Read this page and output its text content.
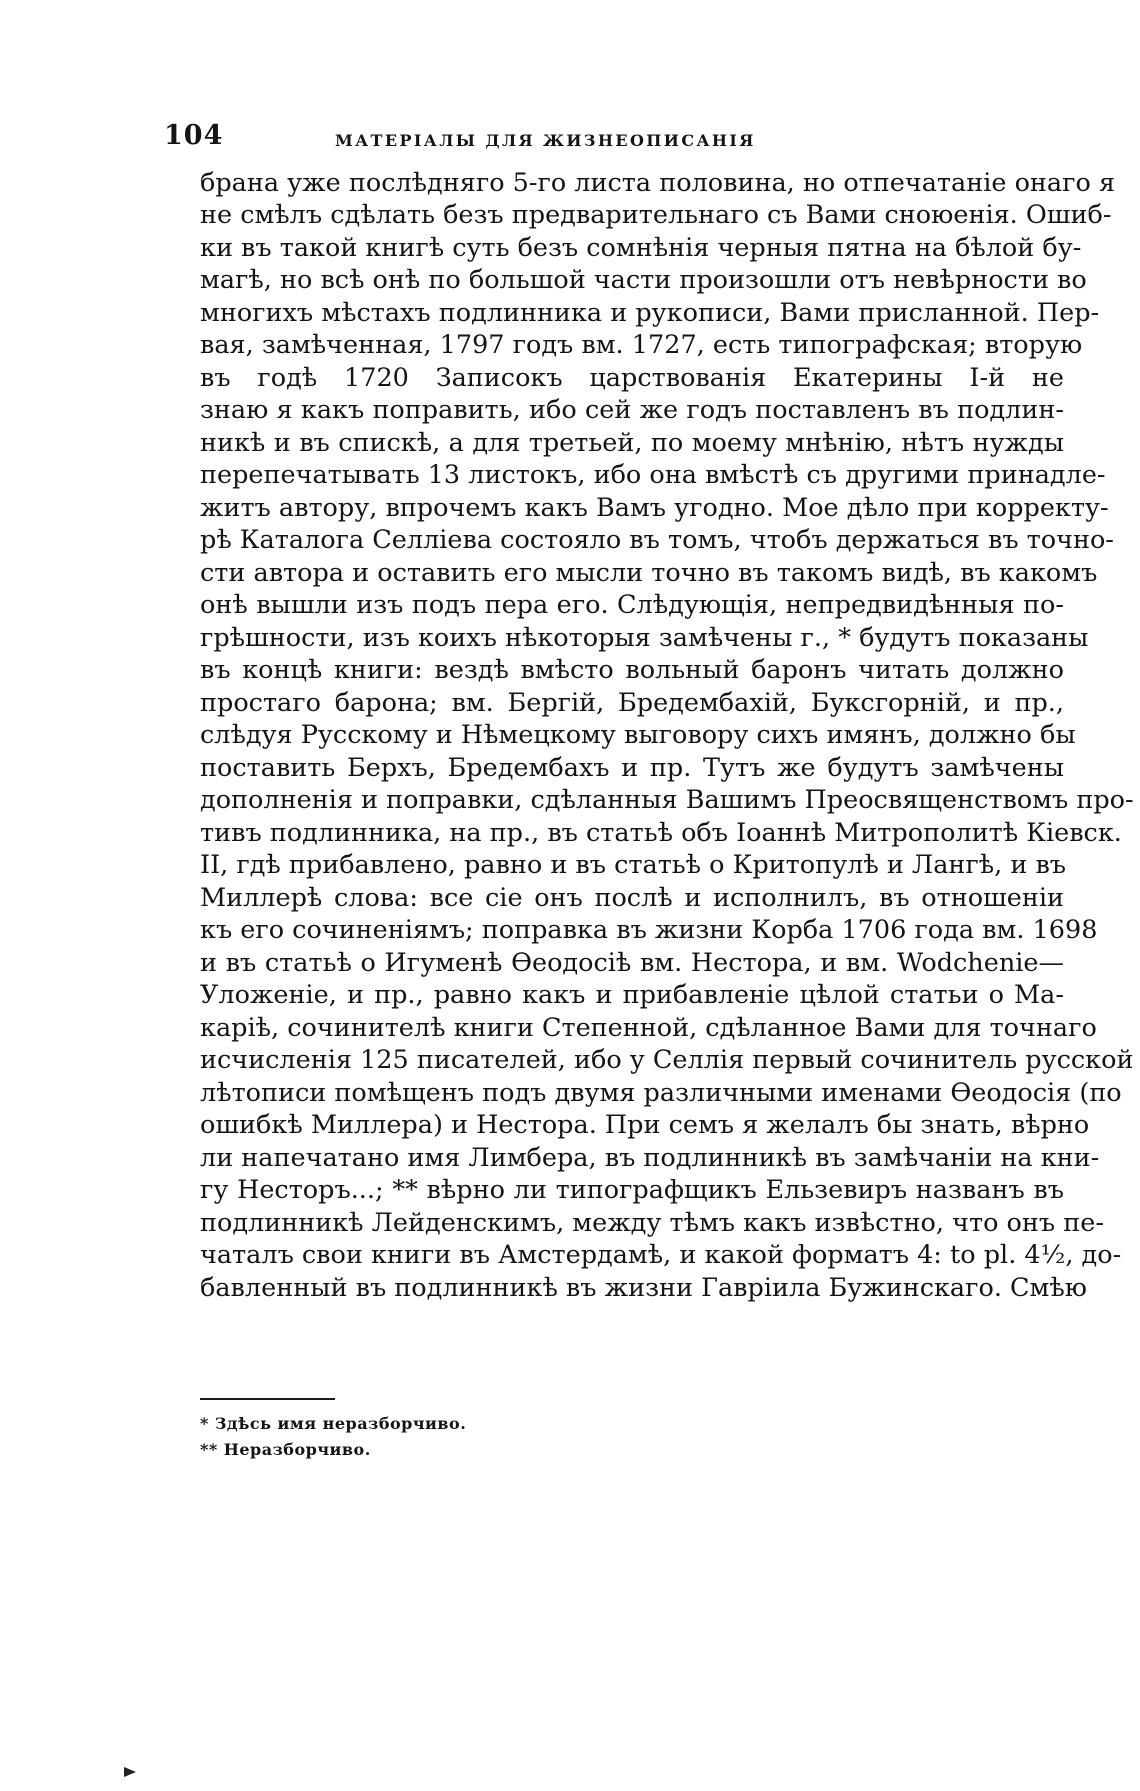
104	МАТЕРІАЛЫ ДЛЯ ЖИЗНЕОПИСАНІЯ
брана уже послѣдняго 5-го листа половина, но отпечатаніе онаго я
не смѣлъ сдѣлать безъ предварительнаго съ Вами сноюенія. Ошиб-
ки въ такой книгѣ суть безъ сомнѣнія черныя пятна на бѣлой бу-
магѣ, но всѣ онѣ по большой части произошли отъ невѣрности во
многихъ мѣстахъ подлинника и рукописи, Вами присланной. Пер-
вая, замѣченная, 1797 годъ вм. 1727, есть типографская; вторую
въ годѣ 1720 Записокъ царствованія Екатерины I-й не
знаю я какъ поправить, ибо сей же годъ поставленъ въ подлин-
никѣ и въ спискѣ, а для третьей, по моему мнѣнію, нѣтъ нужды
перепечатывать 13 листокъ, ибо она вмѣстѣ съ другими принадле-
житъ автору, впрочемъ какъ Вамъ угодно. Мое дѣло при корректу-
рѣ Каталога Селліева состояло въ томъ, чтобъ держаться въ точно-
сти автора и оставить его мысли точно въ такомъ видѣ, въ какомъ
онѣ вышли изъ подъ пера его. Слѣдующія, непредвидѣнныя по-
грѣшности, изъ коихъ нѣкоторыя замѣчены г., * будутъ показаны
въ концѣ книги: вездѣ вмѣсто вольный баронъ читать должно
простаго барона; вм. Бергій, Бредембахій, Буксгорній, и пр.,
слѣдуя Русскому и Нѣмецкому выговору сихъ имянъ, должно бы
поставить Берхъ, Бредембахъ и пр. Тутъ же будутъ замѣчены
дополненія и поправки, сдѣланныя Вашимъ Преосвященствомъ про-
тивъ подлинника, на пр., въ статьѣ объ Іоаннѣ Митрополитѣ Кіевск.
II, гдѣ прибавлено, равно и въ статьѣ о Критопулѣ и Лангѣ, и въ
Миллерѣ слова: все сіе онъ послѣ и исполнилъ, въ отношеніи
къ его сочиненіямъ; поправка въ жизни Корба 1706 года вм. 1698
и въ статьѣ о Игуменѣ Ѳеодосіѣ вм. Нестора, и вм. Wodchenie—
Уложеніе, и пр., равно какъ и прибавленіе цѣлой статьи о Ма-
каріѣ, сочинителѣ книги Степенной, сдѣланное Вами для точнаго
исчисленія 125 писателей, ибо у Селлія первый сочинитель русской
лѣтописи помѣщенъ подъ двумя различными именами Ѳеодосія (по
ошибкѣ Миллера) и Нестора. При семъ я желалъ бы знать, вѣрно
ли напечатано имя Лимбера, въ подлинникѣ въ замѣчаніи на кни-
гу Несторъ...; ** вѣрно ли типографщикъ Ельзевиръ названъ въ
подлинникѣ Лейденскимъ, между тѣмъ какъ извѣстно, что онъ пе-
чаталъ свои книги въ Амстердамѣ, и какой форматъ 4: to pl. 4½, до-
бавленный въ подлинникѣ въ жизни Гаврiила Бужинскаго. Смѣю
* Здѣсь имя неразборчиво.
** Неразборчиво.
